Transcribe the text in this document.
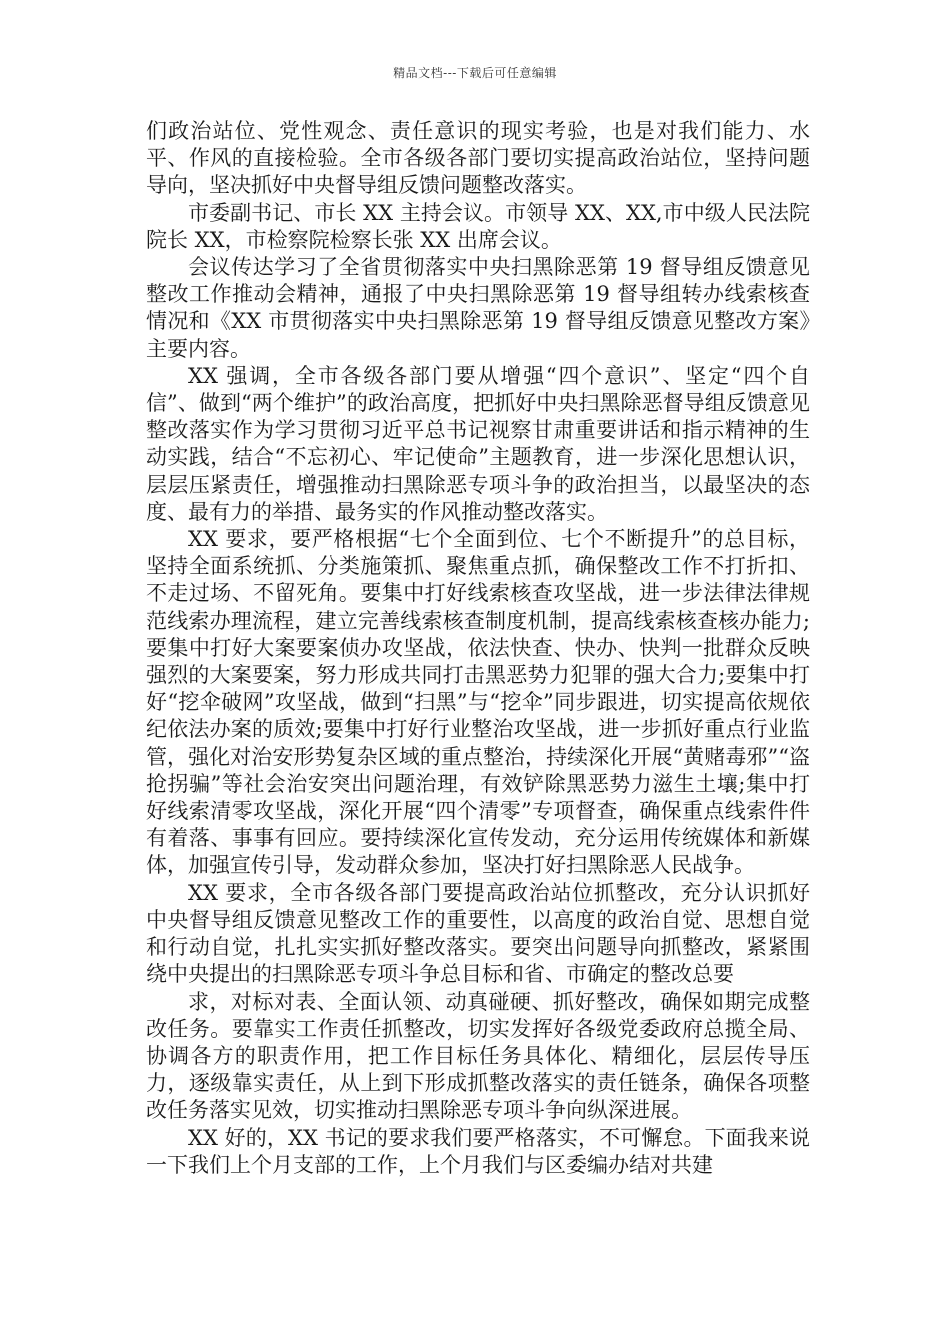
精品文档---下载后可任意编辑

们政治站位、党性观念、责任意识的现实考验，也是对我们能力、水平、作风的直接检验。全市各级各部门要切实提高政治站位，坚持问题导向，坚决抓好中央督导组反馈问题整改落实。

市委副书记、市长 XX 主持会议。市领导 XX、XX,市中级人民法院院长 XX，市检察院检察长张 XX 出席会议。

会议传达学习了全省贯彻落实中央扫黑除恶第 19 督导组反馈意见整改工作推动会精神，通报了中央扫黑除恶第 19 督导组转办线索核查情况和《XX 市贯彻落实中央扫黑除恶第 19 督导组反馈意见整改方案》主要内容。

XX 强调，全市各级各部门要从增强“四个意识”、坚定“四个自信”、做到“两个维护”的政治高度，把抓好中央扫黑除恶督导组反馈意见整改落实作为学习贯彻习近平总书记视察甘肃重要讲话和指示精神的生动实践，结合“不忘初心、牢记使命”主题教育，进一步深化思想认识，层层压紧责任，增强推动扫黑除恶专项斗争的政治担当，以最坚决的态度、最有力的举措、最务实的作风推动整改落实。

XX 要求，要严格根据“七个全面到位、七个不断提升”的总目标，坚持全面系统抓、分类施策抓、聚焦重点抓，确保整改工作不打折扣、不走过场、不留死角。要集中打好线索核查攻坚战，进一步法律法律规范线索办理流程，建立完善线索核查制度机制，提高线索核查核办能力;要集中打好大案要案侦办攻坚战，依法快查、快办、快判一批群众反映强烈的大案要案，努力形成共同打击黑恶势力犯罪的强大合力;要集中打好“挖伞破网”攻坚战，做到“扫黑”与“挖伞”同步跟进，切实提高依规依纪依法办案的质效;要集中打好行业整治攻坚战，进一步抓好重点行业监管，强化对治安形势复杂区域的重点整治，持续深化开展“黄赌毒邪”“盗抢拐骗”等社会治安突出问题治理，有效铲除黑恶势力滋生土壤;集中打好线索清零攻坚战，深化开展“四个清零”专项督查，确保重点线索件件有着落、事事有回应。要持续深化宣传发动，充分运用传统媒体和新媒体，加强宣传引导，发动群众参加，坚决打好扫黑除恶人民战争。

XX 要求，全市各级各部门要提高政治站位抓整改，充分认识抓好中央督导组反馈意见整改工作的重要性，以高度的政治自觉、思想自觉和行动自觉，扎扎实实抓好整改落实。要突出问题导向抓整改，紧紧围绕中央提出的扫黑除恶专项斗争总目标和省、市确定的整改总要

求，对标对表、全面认领、动真碰硬、抓好整改，确保如期完成整改任务。要靠实工作责任抓整改，切实发挥好各级党委政府总揽全局、协调各方的职责作用，把工作目标任务具体化、精细化，层层传导压力，逐级靠实责任，从上到下形成抓整改落实的责任链条，确保各项整改任务落实见效，切实推动扫黑除恶专项斗争向纵深进展。

XX 好的，XX 书记的要求我们要严格落实，不可懈怠。下面我来说一下我们上个月支部的工作，上个月我们与区委编办结对共建
